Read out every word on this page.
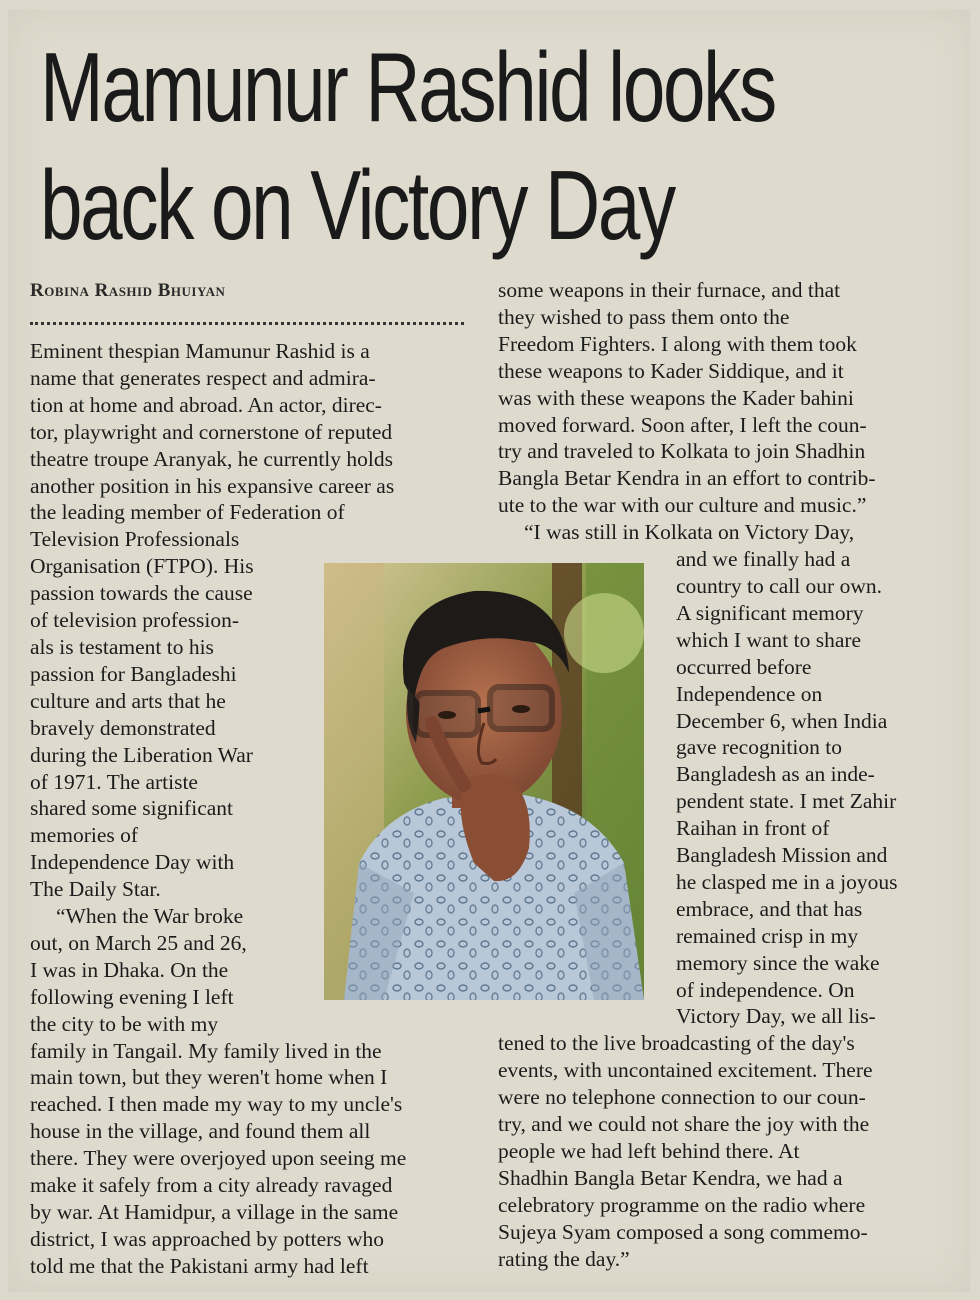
Mamunur Rashid looks
back on Victory Day
Robina Rashid Bhuiyan

Eminent thespian Mamunur Rashid is a
name that generates respect and admira-
tion at home and abroad. An actor, direc-
tor, playwright and cornerstone of reputed
theatre troupe Aranyak, he currently holds
another position in his expansive career as
the leading member of Federation of
Television Professionals
Organisation (FTPO). His
passion towards the cause
of television profession-
als is testament to his
passion for Bangladeshi
culture and arts that he
bravely demonstrated
during the Liberation War
of 1971. The artiste
shared some significant
memories of
Independence Day with
The Daily Star.

“When the War broke
out, on March 25 and 26,
I was in Dhaka. On the
following evening I left
the city to be with my
family in Tangail. My family lived in the
main town, but they weren't home when I
reached. I then made my way to my uncle's
house in the village, and found them all
there. They were overjoyed upon seeing me
make it safely from a city already ravaged
by war. At Hamidpur, a village in the same
district, I was approached by potters who
told me that the Pakistani army had left

some weapons in their furnace, and that
they wished to pass them onto the
Freedom Fighters. I along with them took
these weapons to Kader Siddique, and it
was with these weapons the Kader bahini
moved forward. Soon after, I left the coun-
try and traveled to Kolkata to join Shadhin
Bangla Betar Kendra in an effort to contrib-
ute to the war with our culture and music.”

“I was still in Kolkata on Victory Day,
and we finally had a
country to call our own.
A significant memory
which I want to share
occurred before
Independence on
December 6, when India
gave recognition to
Bangladesh as an inde-
pendent state. I met Zahir
Raihan in front of
Bangladesh Mission and
he clasped me in a joyous
embrace, and that has
remained crisp in my
memory since the wake
of independence. On
Victory Day, we all lis-
tened to the live broadcasting of the day's
events, with uncontained excitement. There
were no telephone connection to our coun-
try, and we could not share the joy with the
people we had left behind there. At
Shadhin Bangla Betar Kendra, we had a
celebratory programme on the radio where
Sujeya Syam composed a song commemo-
rating the day.”
